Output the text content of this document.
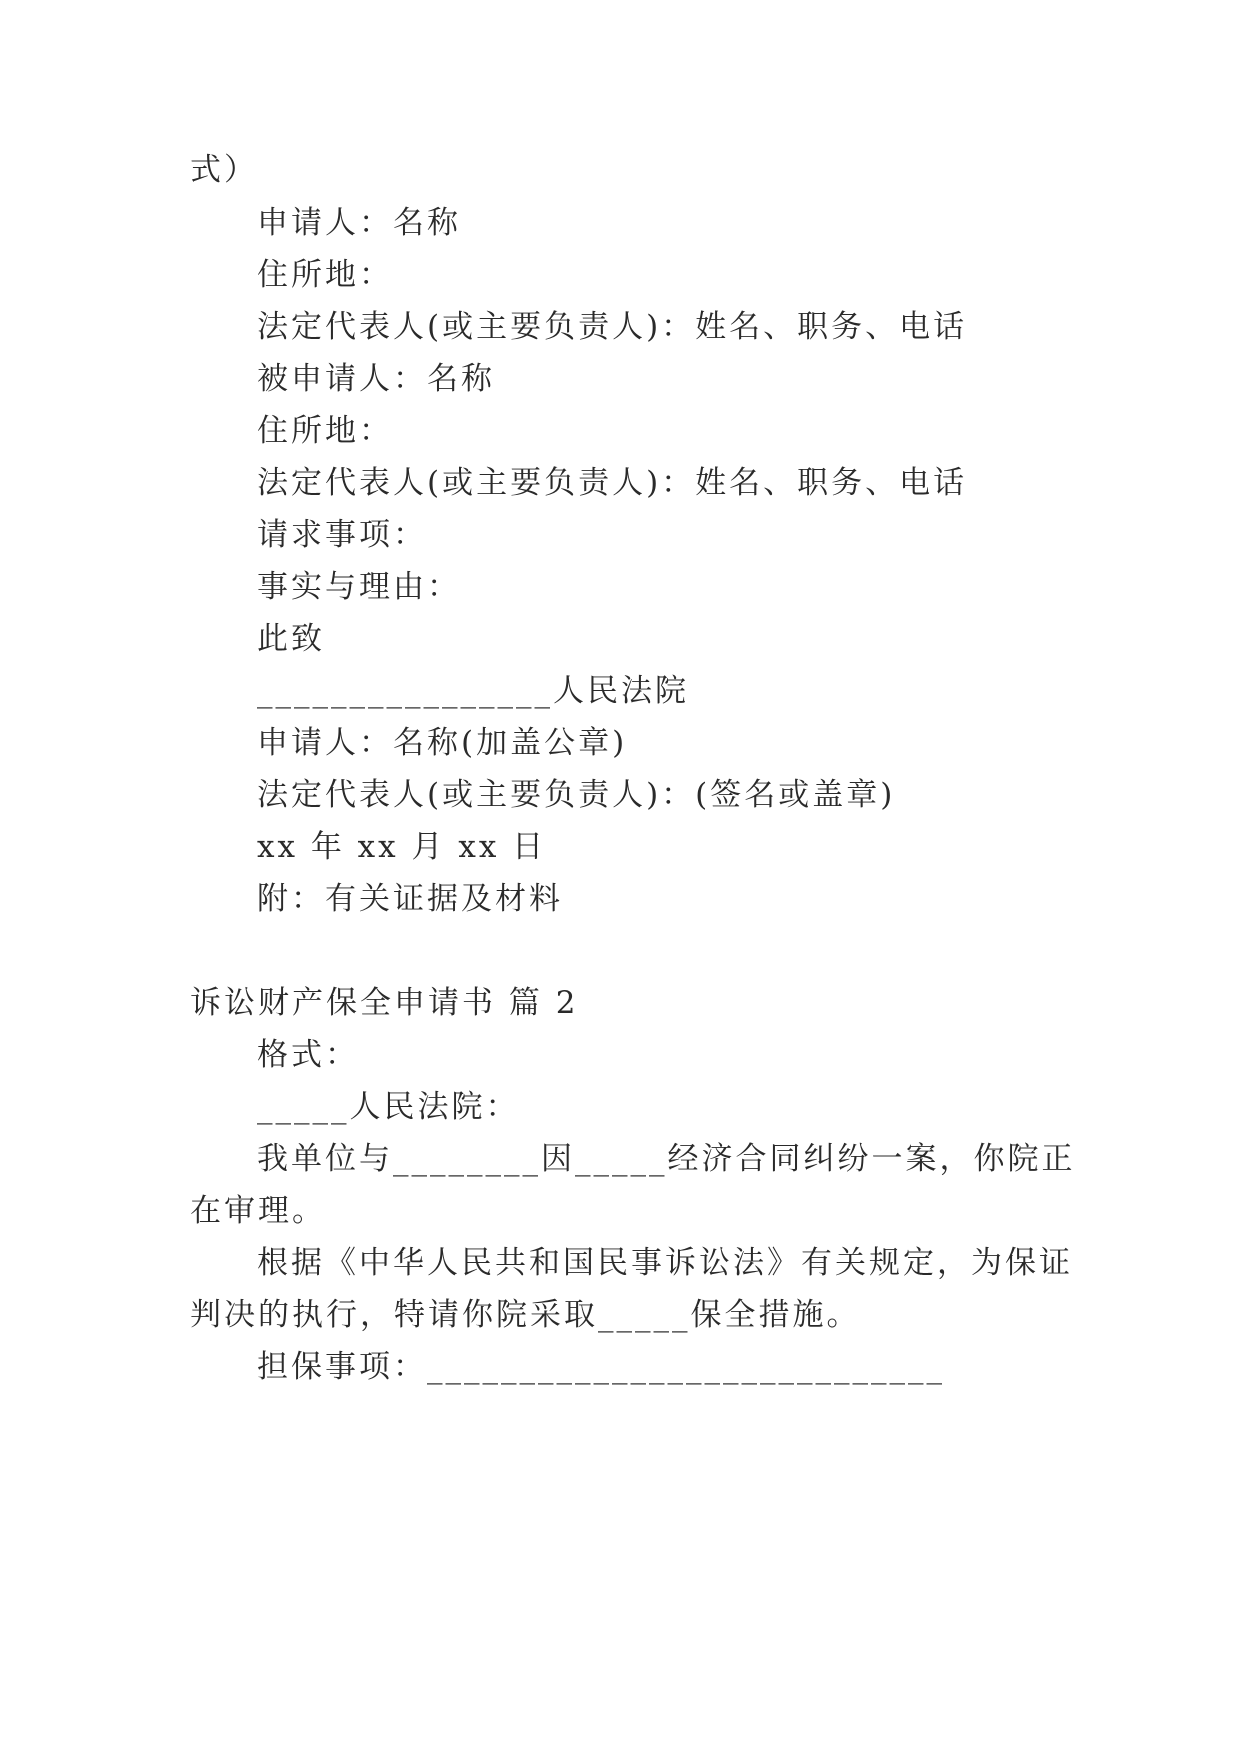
式）
申请人：名称
住所地：
法定代表人(或主要负责人)：姓名、职务、电话
被申请人：名称
住所地：
法定代表人(或主要负责人)：姓名、职务、电话
请求事项：
事实与理由：
此致
________________人民法院
申请人：名称(加盖公章)
法定代表人(或主要负责人)：(签名或盖章)
xx 年 xx 月 xx 日
附：有关证据及材料
诉讼财产保全申请书 篇 2
格式：
_____人民法院：
我单位与________因_____经济合同纠纷一案，你院正
在审理。
根据《中华人民共和国民事诉讼法》有关规定，为保证
判决的执行，特请你院采取_____保全措施。
担保事项：____________________________
